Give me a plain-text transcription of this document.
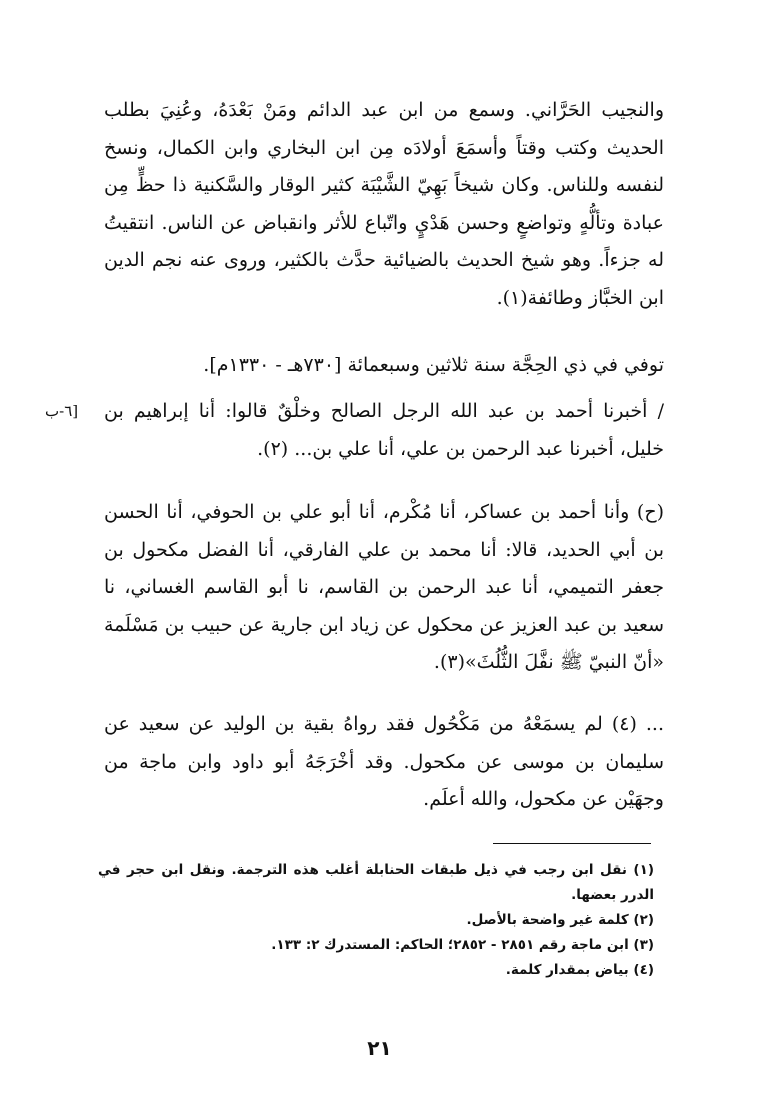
والنجيب الحَرَّاني. وسمع من ابن عبد الدائم ومَنْ بَعْدَهُ، وعُنِيَ بطلب الحديث وكتب وقتاً وأسمَعَ أولادَه مِن ابن البخاري وابن الكمال، ونسخ لنفسه وللناس. وكان شيخاً بَهِيّ الشَّيْبَة كثير الوقار والسَّكنية ذا حظٍّ مِن عبادة وتألُّهٍ وتواضعٍ وحسن هَدْيٍ واتّباع للأثر وانقباض عن الناس. انتقيتُ له جزءاً. وهو شيخ الحديث بالضيائية حدَّث بالكثير، وروى عنه نجم الدين ابن الخبَّاز وطائفة(١).
توفي في ذي الحِجَّة سنة ثلاثين وسبعمائة [٧٣٠هـ - ١٣٣٠م].
[٦-ب / أخبرنا أحمد بن عبد الله الرجل الصالح وخلْقٌ قالوا: أنا إبراهيم بن خليل، أخبرنا عبد الرحمن بن علي، أنا علي بن... (٢).
(ح) وأنا أحمد بن عساكر، أنا مُكْرم، أنا أبو علي بن الحوفي، أنا الحسن بن أبي الحديد، قالا: أنا محمد بن علي الفارقي، أنا الفضل مكحول بن جعفر التميمي، أنا عبد الرحمن بن القاسم، نا أبو القاسم الغساني، نا سعيد بن عبد العزيز عن محكول عن زياد ابن جارية عن حبيب بن مَسْلَمة «أنّ النبيّ ﷺ نفَّلَ الثُّلُثَ»(٣).
... (٤) لم يسمَعْهُ من مَكْحُول فقد رواهُ بقية بن الوليد عن سعيد عن سليمان بن موسى عن مكحول. وقد أخْرَجَهُ أبو داود وابن ماجة من وجهَيْن عن مكحول، والله أعلَم.

(١) نقل ابن رجب في ذيل طبقات الحنابلة أغلب هذه الترجمة. ونقل ابن حجر في الدرر بعضها.

(٢) كلمة غير واضحة بالأصل.

(٣) ابن ماجة رقم ٢٨٥١ - ٢٨٥٢؛ الحاكم: المستدرك ٢: ١٣٣.

(٤) بياض بمقدار كلمة.

٢١
